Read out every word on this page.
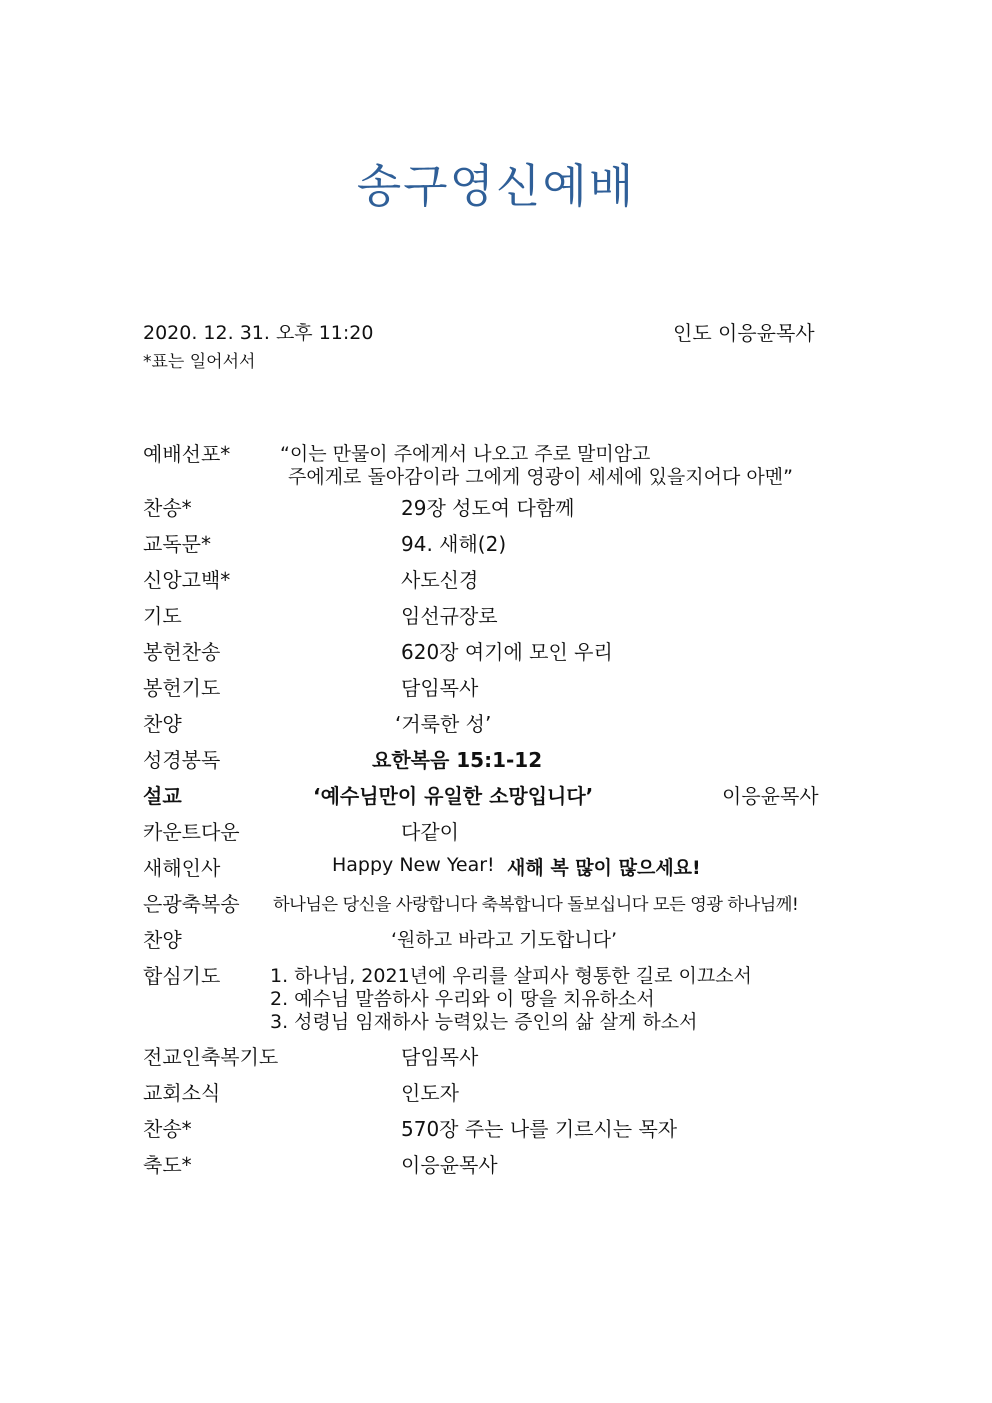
송구영신예배
2020. 12. 31. 오후 11:20	인도 이응윤목사
*표는 일어서서
예배선포*	“이는 만물이 주에게서 나오고 주로 말미암고
주에게로 돌아감이라 그에게 영광이 세세에 있을지어다 아멘”
찬송*	29장 성도여 다함께
교독문*	94. 새해(2)
신앙고백*	사도신경
기도	임선규장로
봉헌찬송	620장 여기에 모인 우리
봉헌기도	담임목사
찬양	‘거룩한 성’
성경봉독	요한복음 15:1-12
설교	‘예수님만이 유일한 소망입니다’	이응윤목사
카운트다운	다같이
새해인사	Happy New Year! 새해 복 많이 많으세요!
은광축복송 하나님은 당신을 사랑합니다 축복합니다 돌보십니다 모든 영광 하나님께!
찬양	‘원하고 바라고 기도합니다’
합심기도	1. 하나님, 2021년에 우리를 살피사 형통한 길로 이끄소서
2. 예수님 말씀하사 우리와 이 땅을 치유하소서
3. 성령님 임재하사 능력있는 증인의 삶 살게 하소서
전교인축복기도	담임목사
교회소식	인도자
찬송*	570장 주는 나를 기르시는 목자
축도*	이응윤목사
